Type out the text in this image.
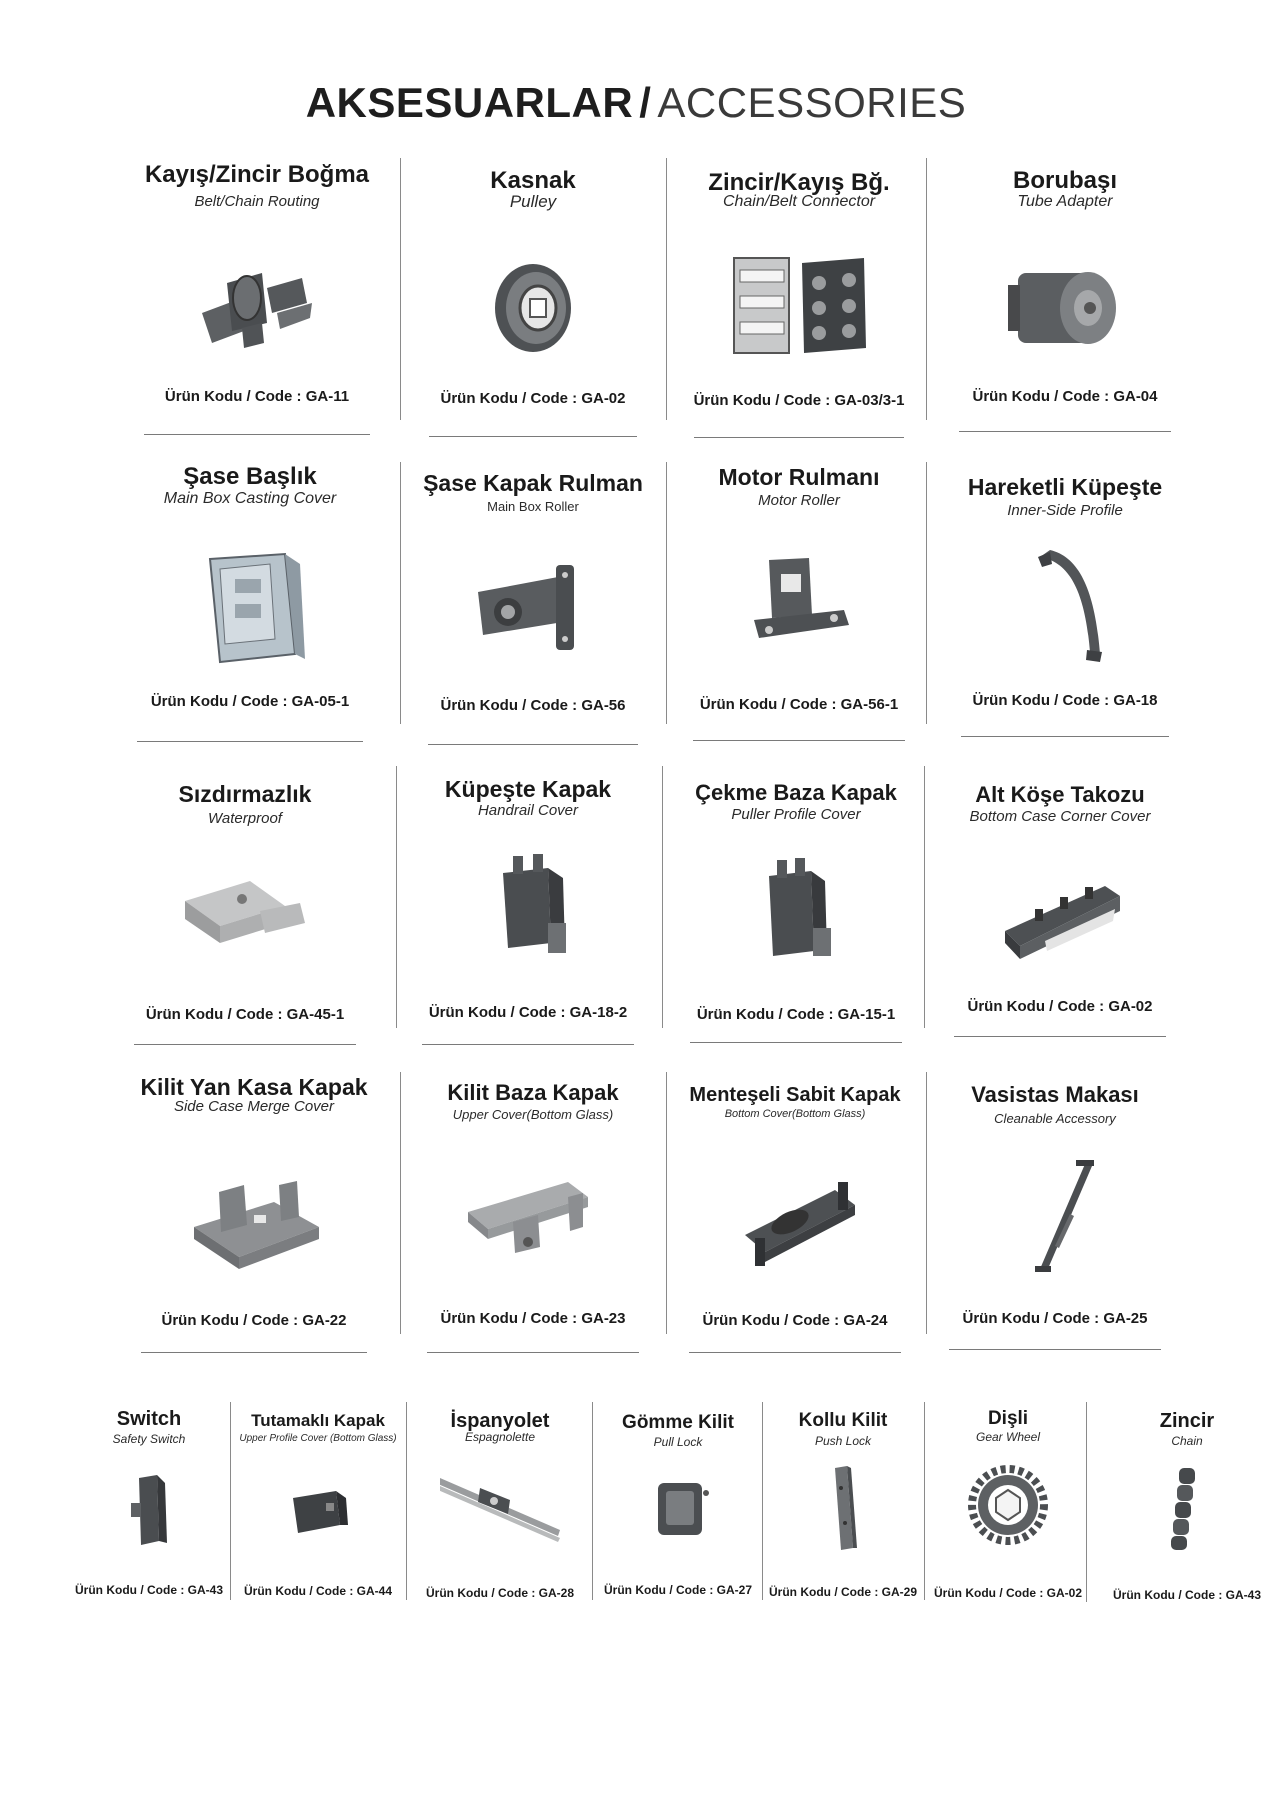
AKSESUARLAR / ACCESSORIES
Kayış/Zincir Boğma
Belt/Chain Routing
Ürün Kodu / Code : GA-11
Kasnak
Pulley
Ürün Kodu / Code : GA-02
Zincir/Kayış Bğ.
Chain/Belt Connector
Ürün Kodu / Code : GA-03/3-1
Borubaşı
Tube Adapter
Ürün Kodu / Code : GA-04
Şase Başlık
Main Box Casting Cover
Ürün Kodu / Code : GA-05-1
Şase Kapak Rulman
Main Box Roller
Ürün Kodu / Code : GA-56
Motor Rulmanı
Motor Roller
Ürün Kodu / Code : GA-56-1
Hareketli Küpeşte
Inner-Side Profile
Ürün Kodu / Code : GA-18
Sızdırmazlık
Waterproof
Ürün Kodu / Code : GA-45-1
Küpeşte Kapak
Handrail Cover
Ürün Kodu / Code : GA-18-2
Çekme Baza Kapak
Puller Profile Cover
Ürün Kodu / Code : GA-15-1
Alt Köşe Takozu
Bottom Case Corner Cover
Ürün Kodu / Code : GA-02
Kilit Yan Kasa Kapak
Side Case Merge Cover
Ürün Kodu / Code : GA-22
Kilit Baza Kapak
Upper Cover(Bottom Glass)
Ürün Kodu / Code : GA-23
Menteşeli Sabit Kapak
Bottom Cover(Bottom Glass)
Ürün Kodu / Code : GA-24
Vasistas Makası
Cleanable Accessory
Ürün Kodu / Code : GA-25
Switch
Safety Switch
Ürün Kodu / Code : GA-43
Tutamaklı Kapak
Upper Profile Cover (Bottom Glass)
Ürün Kodu / Code : GA-44
İspanyolet
Espagnolette
Ürün Kodu / Code : GA-28
Gömme Kilit
Pull Lock
Ürün Kodu / Code : GA-27
Kollu Kilit
Push Lock
Ürün Kodu / Code : GA-29
Dişli
Gear Wheel
Ürün Kodu / Code : GA-02
Zincir
Chain
Ürün Kodu / Code : GA-43
